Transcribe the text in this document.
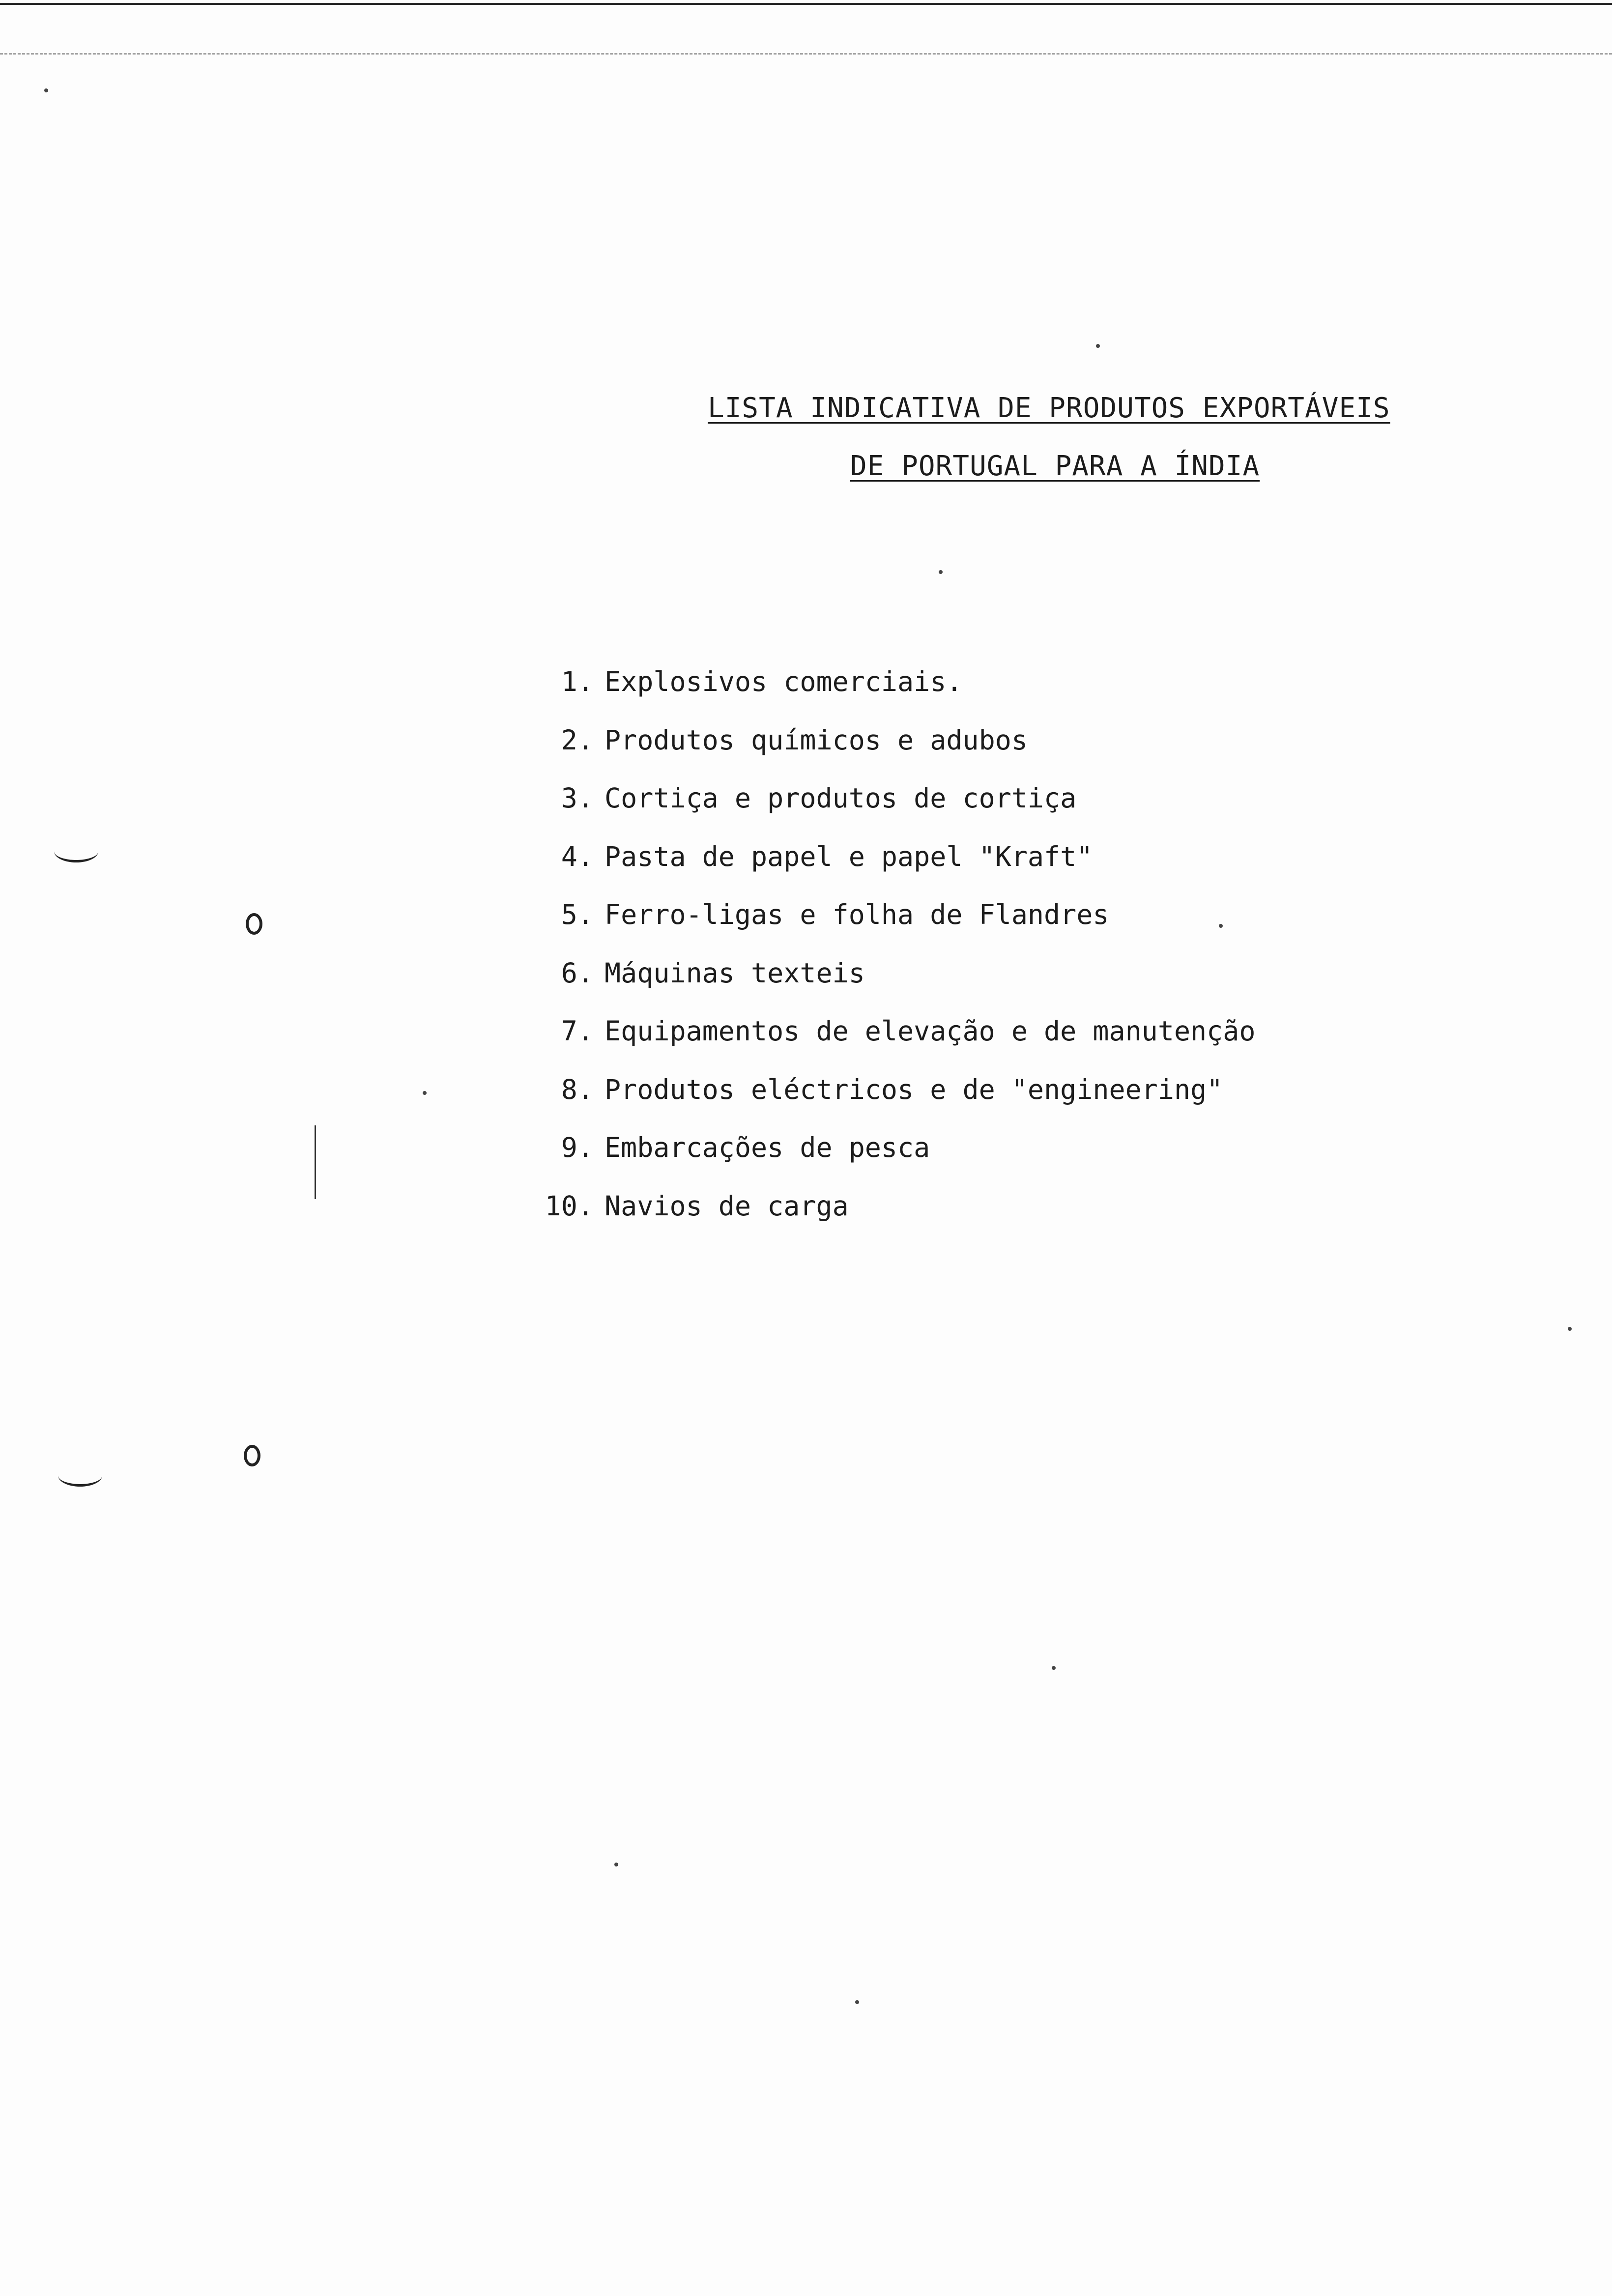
LISTA INDICATIVA DE PRODUTOS EXPORTÁVEIS
DE PORTUGAL PARA A ÍNDIA
1. Explosivos comerciais.
2. Produtos químicos e adubos
3. Cortiça e produtos de cortiça
4. Pasta de papel e papel "Kraft"
5. Ferro-ligas e folha de Flandres
6. Máquinas texteis
7. Equipamentos de elevação e de manutenção
8. Produtos eléctricos e de "engineering"
9. Embarcações de pesca
10. Navios de carga
